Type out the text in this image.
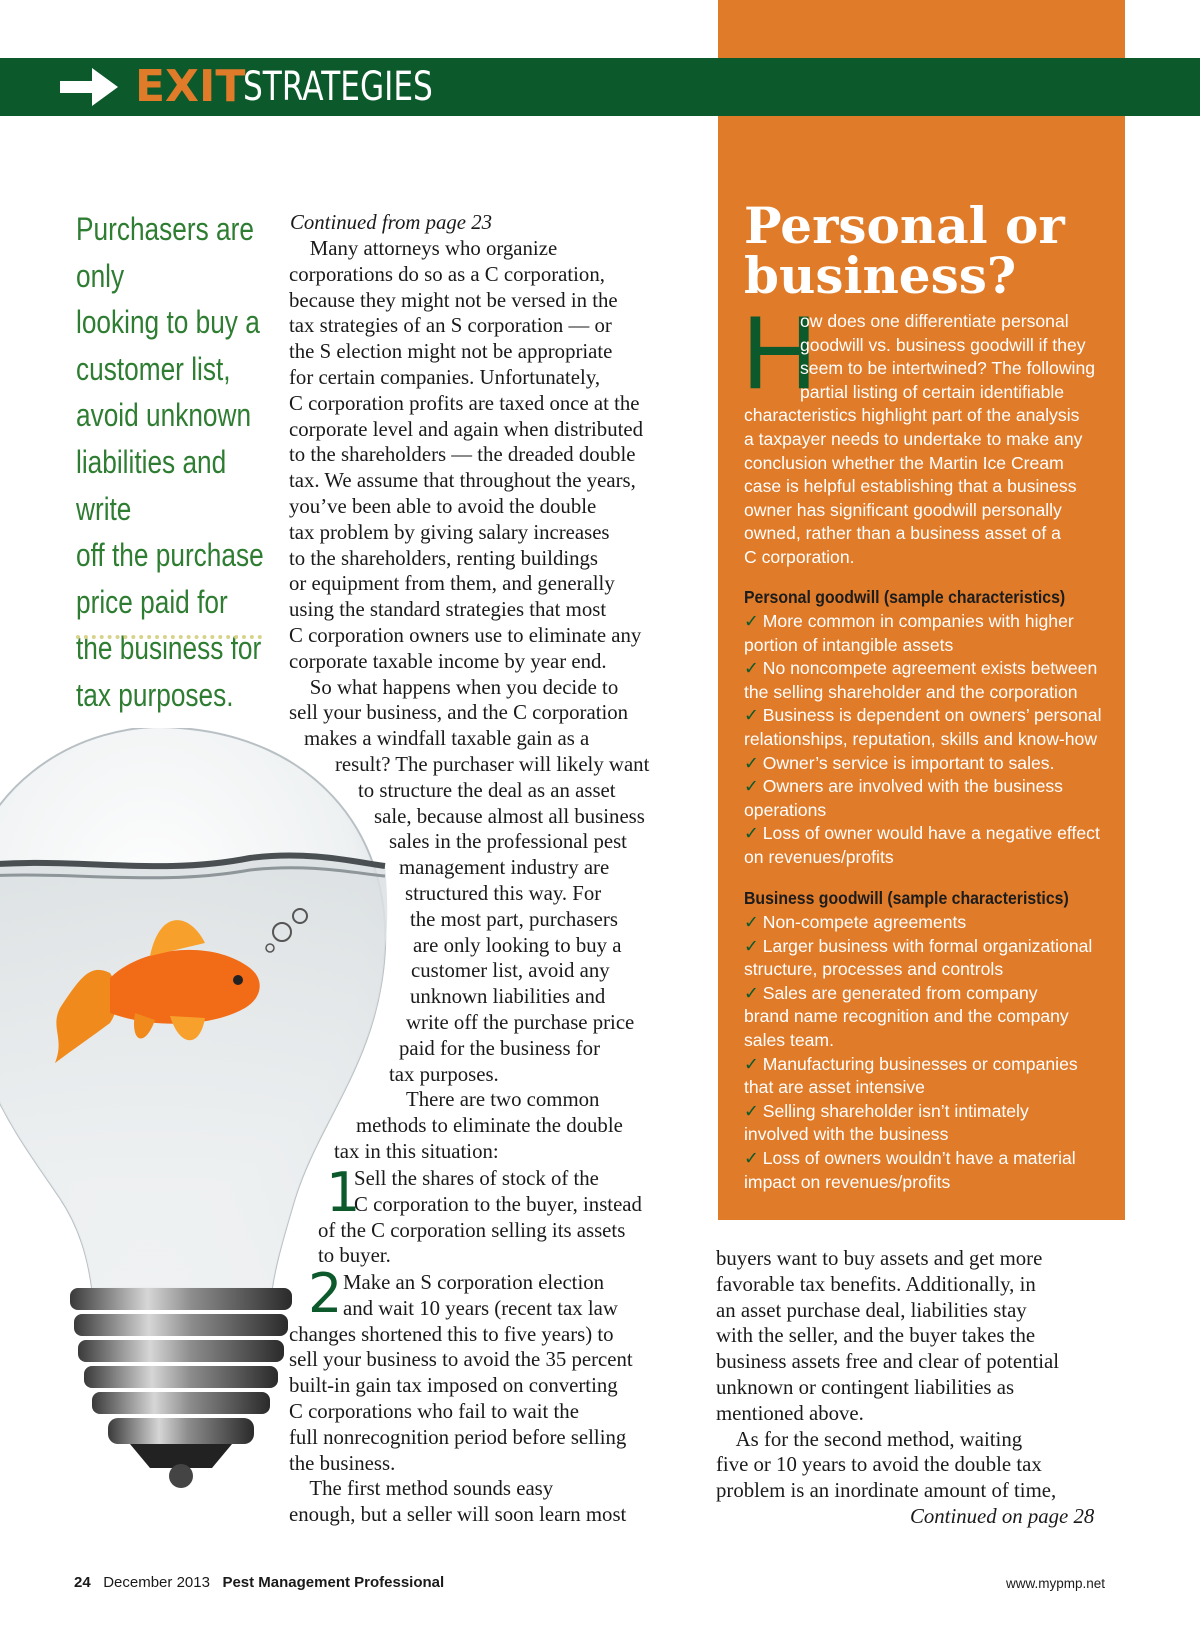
EXIT
STRATEGIES
Purchasers are only
looking to buy a
customer list,
avoid unknown
liabilities and write
off the purchase
price paid for
the business for
tax purposes.
Continued from page 23
Many attorneys who organize
corporations do so as a C corporation,
because they might not be versed in the
tax strategies of an S corporation — or
the S election might not be appropriate
for certain companies. Unfortunately,
C corporation profits are taxed once at the
corporate level and again when distributed
to the shareholders — the dreaded double
tax. We assume that throughout the years,
you’ve been able to avoid the double
tax problem by giving salary increases
to the shareholders, renting buildings
or equipment from them, and generally
using the standard strategies that most
C corporation owners use to eliminate any
corporate taxable income by year end.
So what happens when you decide to
sell your business, and the C corporation
makes a windfall taxable gain as a
result? The purchaser will likely want
to structure the deal as an asset
sale, because almost all business
sales in the professional pest
management industry are
structured this way. For
the most part, purchasers
are only looking to buy a
customer list, avoid any
unknown liabilities and
write off the purchase price
paid for the business for
tax purposes.
There are two common
methods to eliminate the double
tax in this situation:
1
Sell the shares of stock of the
C corporation to the buyer, instead
of the C corporation selling its assets
to buyer.
2 Make an S corporation election
and wait 10 years (recent tax law
changes shortened this to five years) to
sell your business to avoid the 35 percent
built-in gain tax imposed on converting
C corporations who fail to wait the
full nonrecognition period before selling
the business.
The first method sounds easy
enough, but a seller will soon learn most
Personal or
business?
H
ow does one differentiate personal
goodwill vs. business goodwill if they
seem to be intertwined? The following
partial listing of certain identifiable
characteristics highlight part of the analysis
a taxpayer needs to undertake to make any
conclusion whether the Martin Ice Cream
case is helpful establishing that a business
owner has significant goodwill personally
owned, rather than a business asset of a
C corporation.
Personal goodwill (sample characteristics)
✓ More common in companies with higher
portion of intangible assets
✓ No noncompete agreement exists between
the selling shareholder and the corporation
✓ Business is dependent on owners’ personal
relationships, reputation, skills and know-how
✓ Owner’s service is important to sales.
✓ Owners are involved with the business
operations
✓ Loss of owner would have a negative effect
on revenues/profits
Business goodwill (sample characteristics)
✓ Non-compete agreements
✓ Larger business with formal organizational
structure, processes and controls
✓ Sales are generated from company
brand name recognition and the company
sales team.
✓ Manufacturing businesses or companies
that are asset intensive
✓ Selling shareholder isn’t intimately
involved with the business
✓ Loss of owners wouldn’t have a material
impact on revenues/profits
buyers want to buy assets and get more
favorable tax benefits. Additionally, in
an asset purchase deal, liabilities stay
with the seller, and the buyer takes the
business assets free and clear of potential
unknown or contingent liabilities as
mentioned above.
As for the second method, waiting
five or 10 years to avoid the double tax
problem is an inordinate amount of time,
Continued on page 28
24 December 2013 Pest Management Professional	www.mypmp.net
